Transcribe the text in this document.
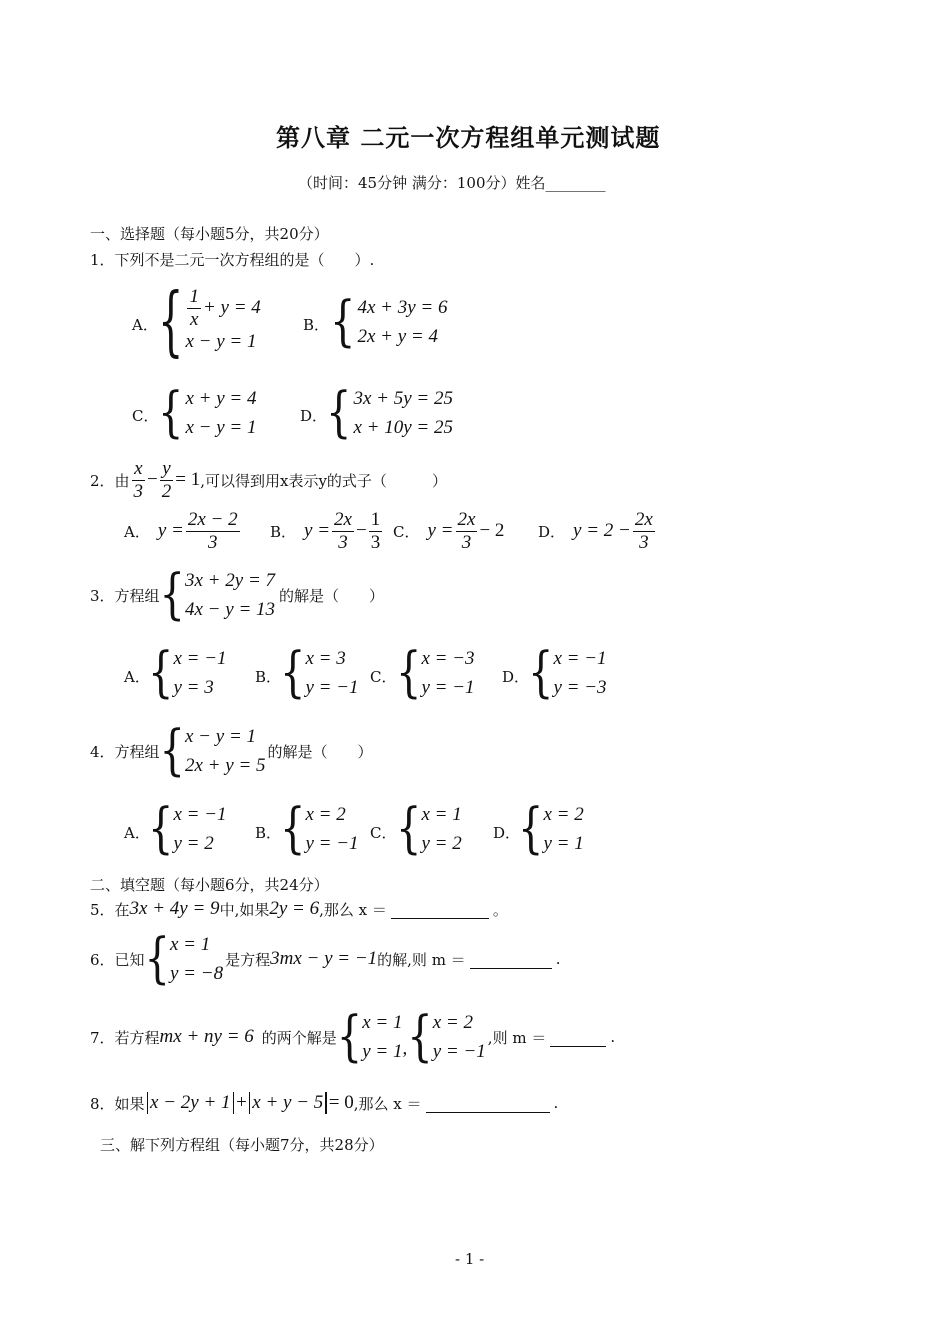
第八章 二元一次方程组单元测试题
（时间：45分钟 满分：100分）姓名________
一、选择题（每小题5分，共20分）
1．下列不是二元一次方程组的是（　　）.
A． { $\frac{1}{x} + y = 4$
x − y = 1
B． { 4x + 3y = 6
2x + y = 4
C． { x + y = 4
x − y = 1
D．
{ 3x + 5y = 25
x + 10y = 25
2．由 $\frac{x}{3} - \frac{y}{2} = 1$ ,可以得到用x表示y的式子（　　　）
A． $y = \frac{2x - 2}{3}$ B． $y = \frac{2x}{3} - \frac{1}{3}$ C． $y = \frac{2x}{3} - 2$ D． $y = 2 - \frac{2x}{3}$
3．方程组 { 3x + 2y = 7
4x − y = 13
的解是（　　）
A．
{ x = −1
y = 3	B．
{ x = 3
y = −1 C． { x = −3
y = −1 D．
{ x = −1
y = −3
4．方程组 { x − y = 1
2x + y = 5
的解是（　　）
A．
{ x = −1
y = 2	B．
{ x = 2
y = −1 C． { x = 1
y = 2 D．
{ x = 2
y = 1
二、填空题（每小题6分，共24分）
5．在 3x + 4y = 9 中,如果 2y = 6 ,那么 x ＝	。
6．已知 { x = 1
y = −8
是方程 3mx − y = −1 的解,则 m ＝	.
7．若方程 mx + ny = 6 的两个解是 { x = 1
y = 1 , { x = 2
y = −1
,则 m ＝	.
8．如果 x − 2y + 1 + x + y − 5 = 0 ,那么 x ＝	.
三、解下列方程组（每小题7分，共28分）
- 1 -
